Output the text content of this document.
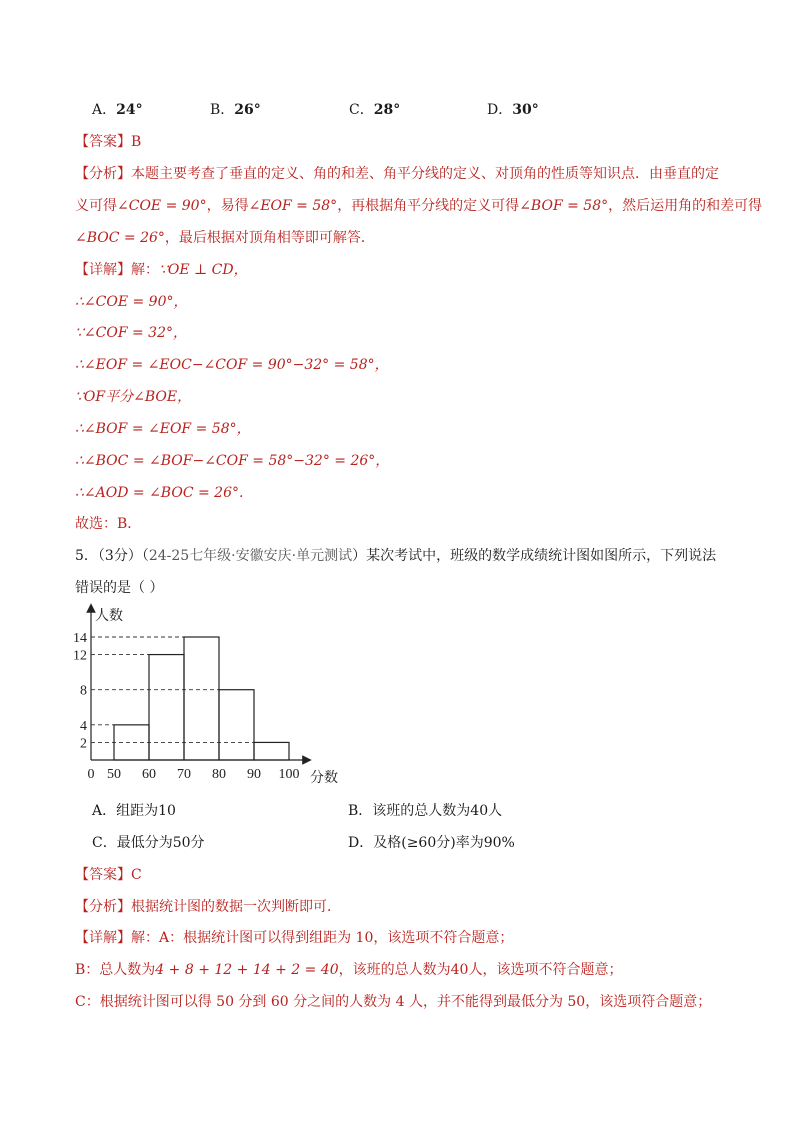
A．24°	B．26°	C．28°	D．30°
【答案】B
【分析】本题主要考查了垂直的定义、角的和差、角平分线的定义、对顶角的性质等知识点．由垂直的定
义可得∠COE = 90°，易得∠EOF = 58°，再根据角平分线的定义可得∠BOF = 58°，然后运用角的和差可得
∠BOC = 26°，最后根据对顶角相等即可解答．
【详解】解：∵OE ⊥ CD，
∴∠COE = 90°，
∵∠COF = 32°，
∴∠EOF = ∠EOC−∠COF = 90°−32° = 58°，
∵OF平分∠BOE，
∴∠BOF = ∠EOF = 58°，
∴∠BOC = ∠BOF−∠COF = 58°−32° = 26°，
∴∠AOD = ∠BOC = 26°.
故选：B．
5．（3分）（24-25七年级·安徽安庆·单元测试）某次考试中，班级的数学成绩统计图如图所示，下列说法
错误的是（ ）
2
4
8
12
14
0 50 60 70 80 90 100
人数
分数
A．组距为10	B．该班的总人数为40人
C．最低分为50分	D．及格(≥60分)率为90%
【答案】C
【分析】根据统计图的数据一次判断即可．
【详解】解：A：根据统计图可以得到组距为 10，该选项不符合题意；
B：总人数为4 + 8 + 12 + 14 + 2 = 40，该班的总人数为40人，该选项不符合题意；
C：根据统计图可以得 50 分到 60 分之间的人数为 4 人，并不能得到最低分为 50，该选项符合题意；
